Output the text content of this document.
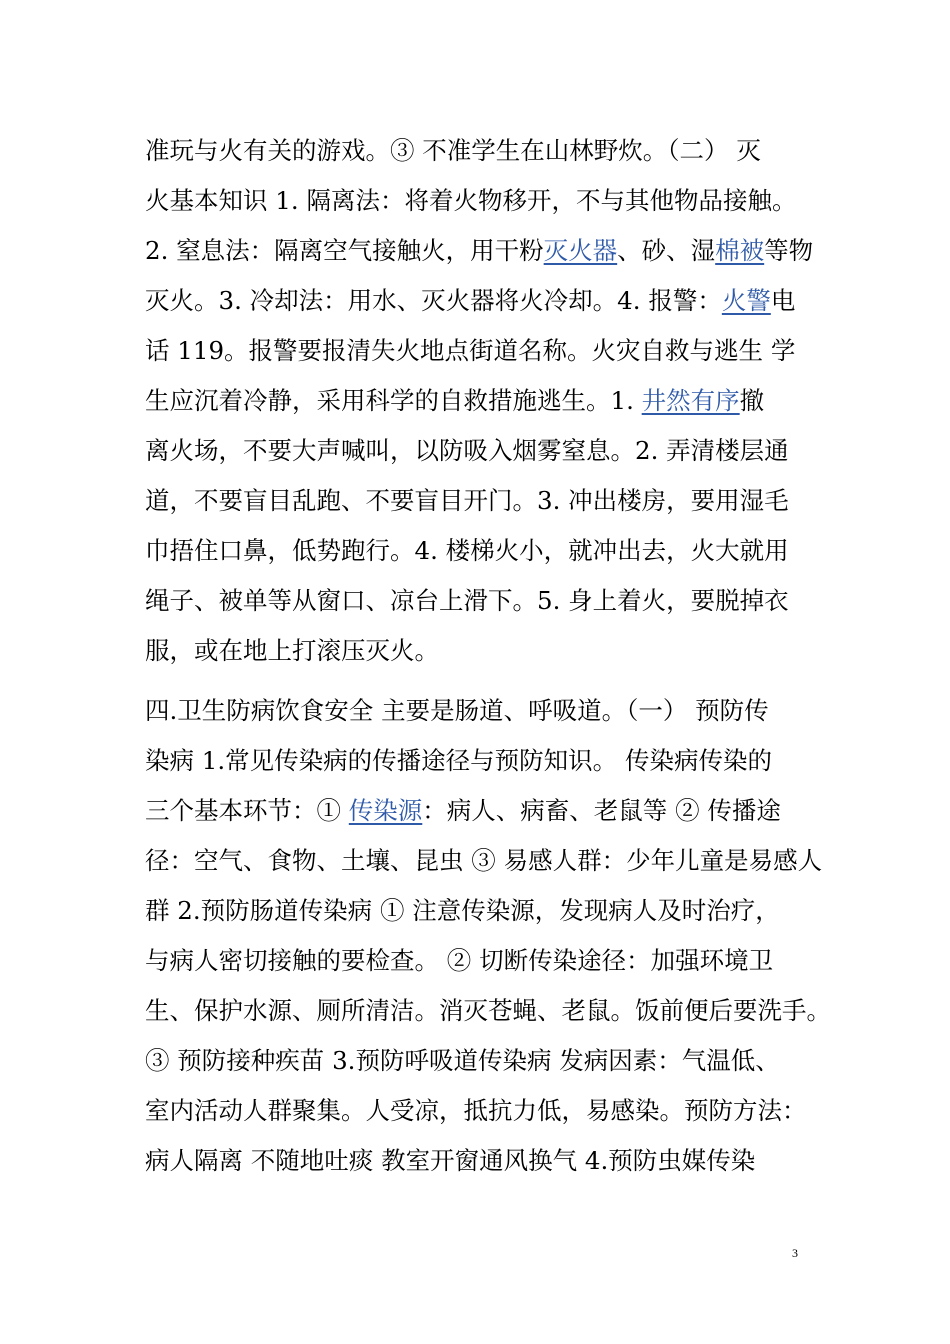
准玩与火有关的游戏。③ 不准学生在山林野炊。（二） 灭
火基本知识 1. 隔离法：将着火物移开，不与其他物品接触。
2. 窒息法：隔离空气接触火，用干粉灭火器、砂、湿棉被等物
灭火。3. 冷却法：用水、灭火器将火冷却。4. 报警：火警电
话 119。报警要报清失火地点街道名称。火灾自救与逃生 学
生应沉着冷静，采用科学的自救措施逃生。1. 井然有序撤
离火场，不要大声喊叫，以防吸入烟雾窒息。2. 弄清楼层通
道，不要盲目乱跑、不要盲目开门。3. 冲出楼房，要用湿毛
巾捂住口鼻，低势跑行。4. 楼梯火小，就冲出去，火大就用
绳子、被单等从窗口、凉台上滑下。5. 身上着火，要脱掉衣
服，或在地上打滚压灭火。
四.卫生防病饮食安全 主要是肠道、呼吸道。（一） 预防传
染病 1.常见传染病的传播途径与预防知识。 传染病传染的
三个基本环节：① 传染源：病人、病畜、老鼠等 ② 传播途
径：空气、食物、土壤、昆虫 ③ 易感人群：少年儿童是易感人
群 2.预防肠道传染病 ① 注意传染源，发现病人及时治疗，
与病人密切接触的要检查。 ② 切断传染途径：加强环境卫
生、保护水源、厕所清洁。消灭苍蝇、老鼠。饭前便后要洗手。
③ 预防接种疾苗 3.预防呼吸道传染病 发病因素：气温低、
室内活动人群聚集。人受凉，抵抗力低，易感染。预防方法：
病人隔离 不随地吐痰 教室开窗通风换气 4.预防虫媒传染
3
